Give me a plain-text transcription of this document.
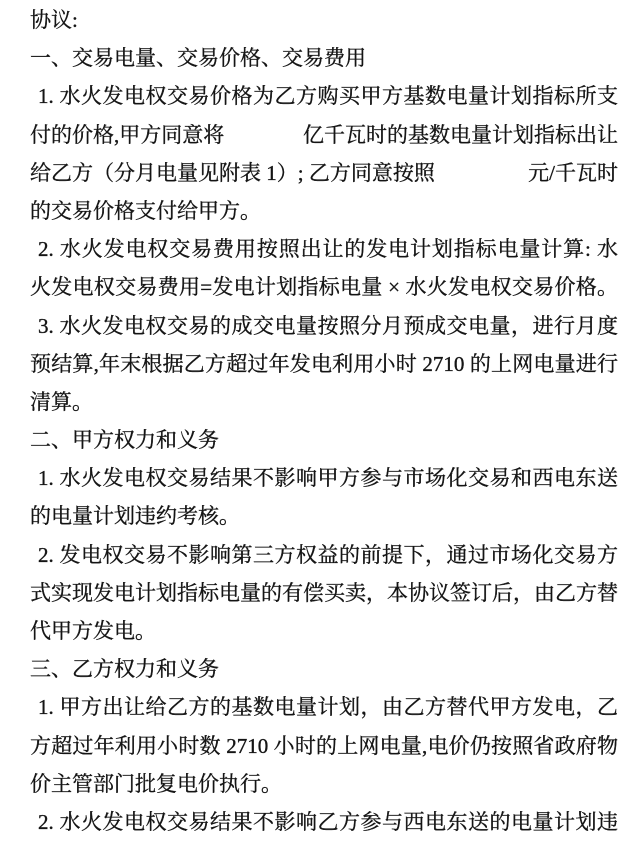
协议:
一、交易电量、交易价格、交易费用
1. 水火发电权交易价格为乙方购买甲方基数电量计划指标所支
付的价格,甲方同意将	亿千瓦时的基数电量计划指标出让
给乙方（分月电量见附表 1）; 乙方同意按照	元/千瓦时
的交易价格支付给甲方。
2. 水火发电权交易费用按照出让的发电计划指标电量计算: 水
火发电权交易费用=发电计划指标电量 × 水火发电权交易价格。
3. 水火发电权交易的成交电量按照分月预成交电量，进行月度
预结算,年末根据乙方超过年发电利用小时 2710 的上网电量进行
清算。
二、甲方权力和义务
1. 水火发电权交易结果不影响甲方参与市场化交易和西电东送
的电量计划违约考核。
2. 发电权交易不影响第三方权益的前提下，通过市场化交易方
式实现发电计划指标电量的有偿买卖，本协议签订后，由乙方替
代甲方发电。
三、乙方权力和义务
1. 甲方出让给乙方的基数电量计划，由乙方替代甲方发电，乙
方超过年利用小时数 2710 小时的上网电量,电价仍按照省政府物
价主管部门批复电价执行。
2. 水火发电权交易结果不影响乙方参与西电东送的电量计划违
